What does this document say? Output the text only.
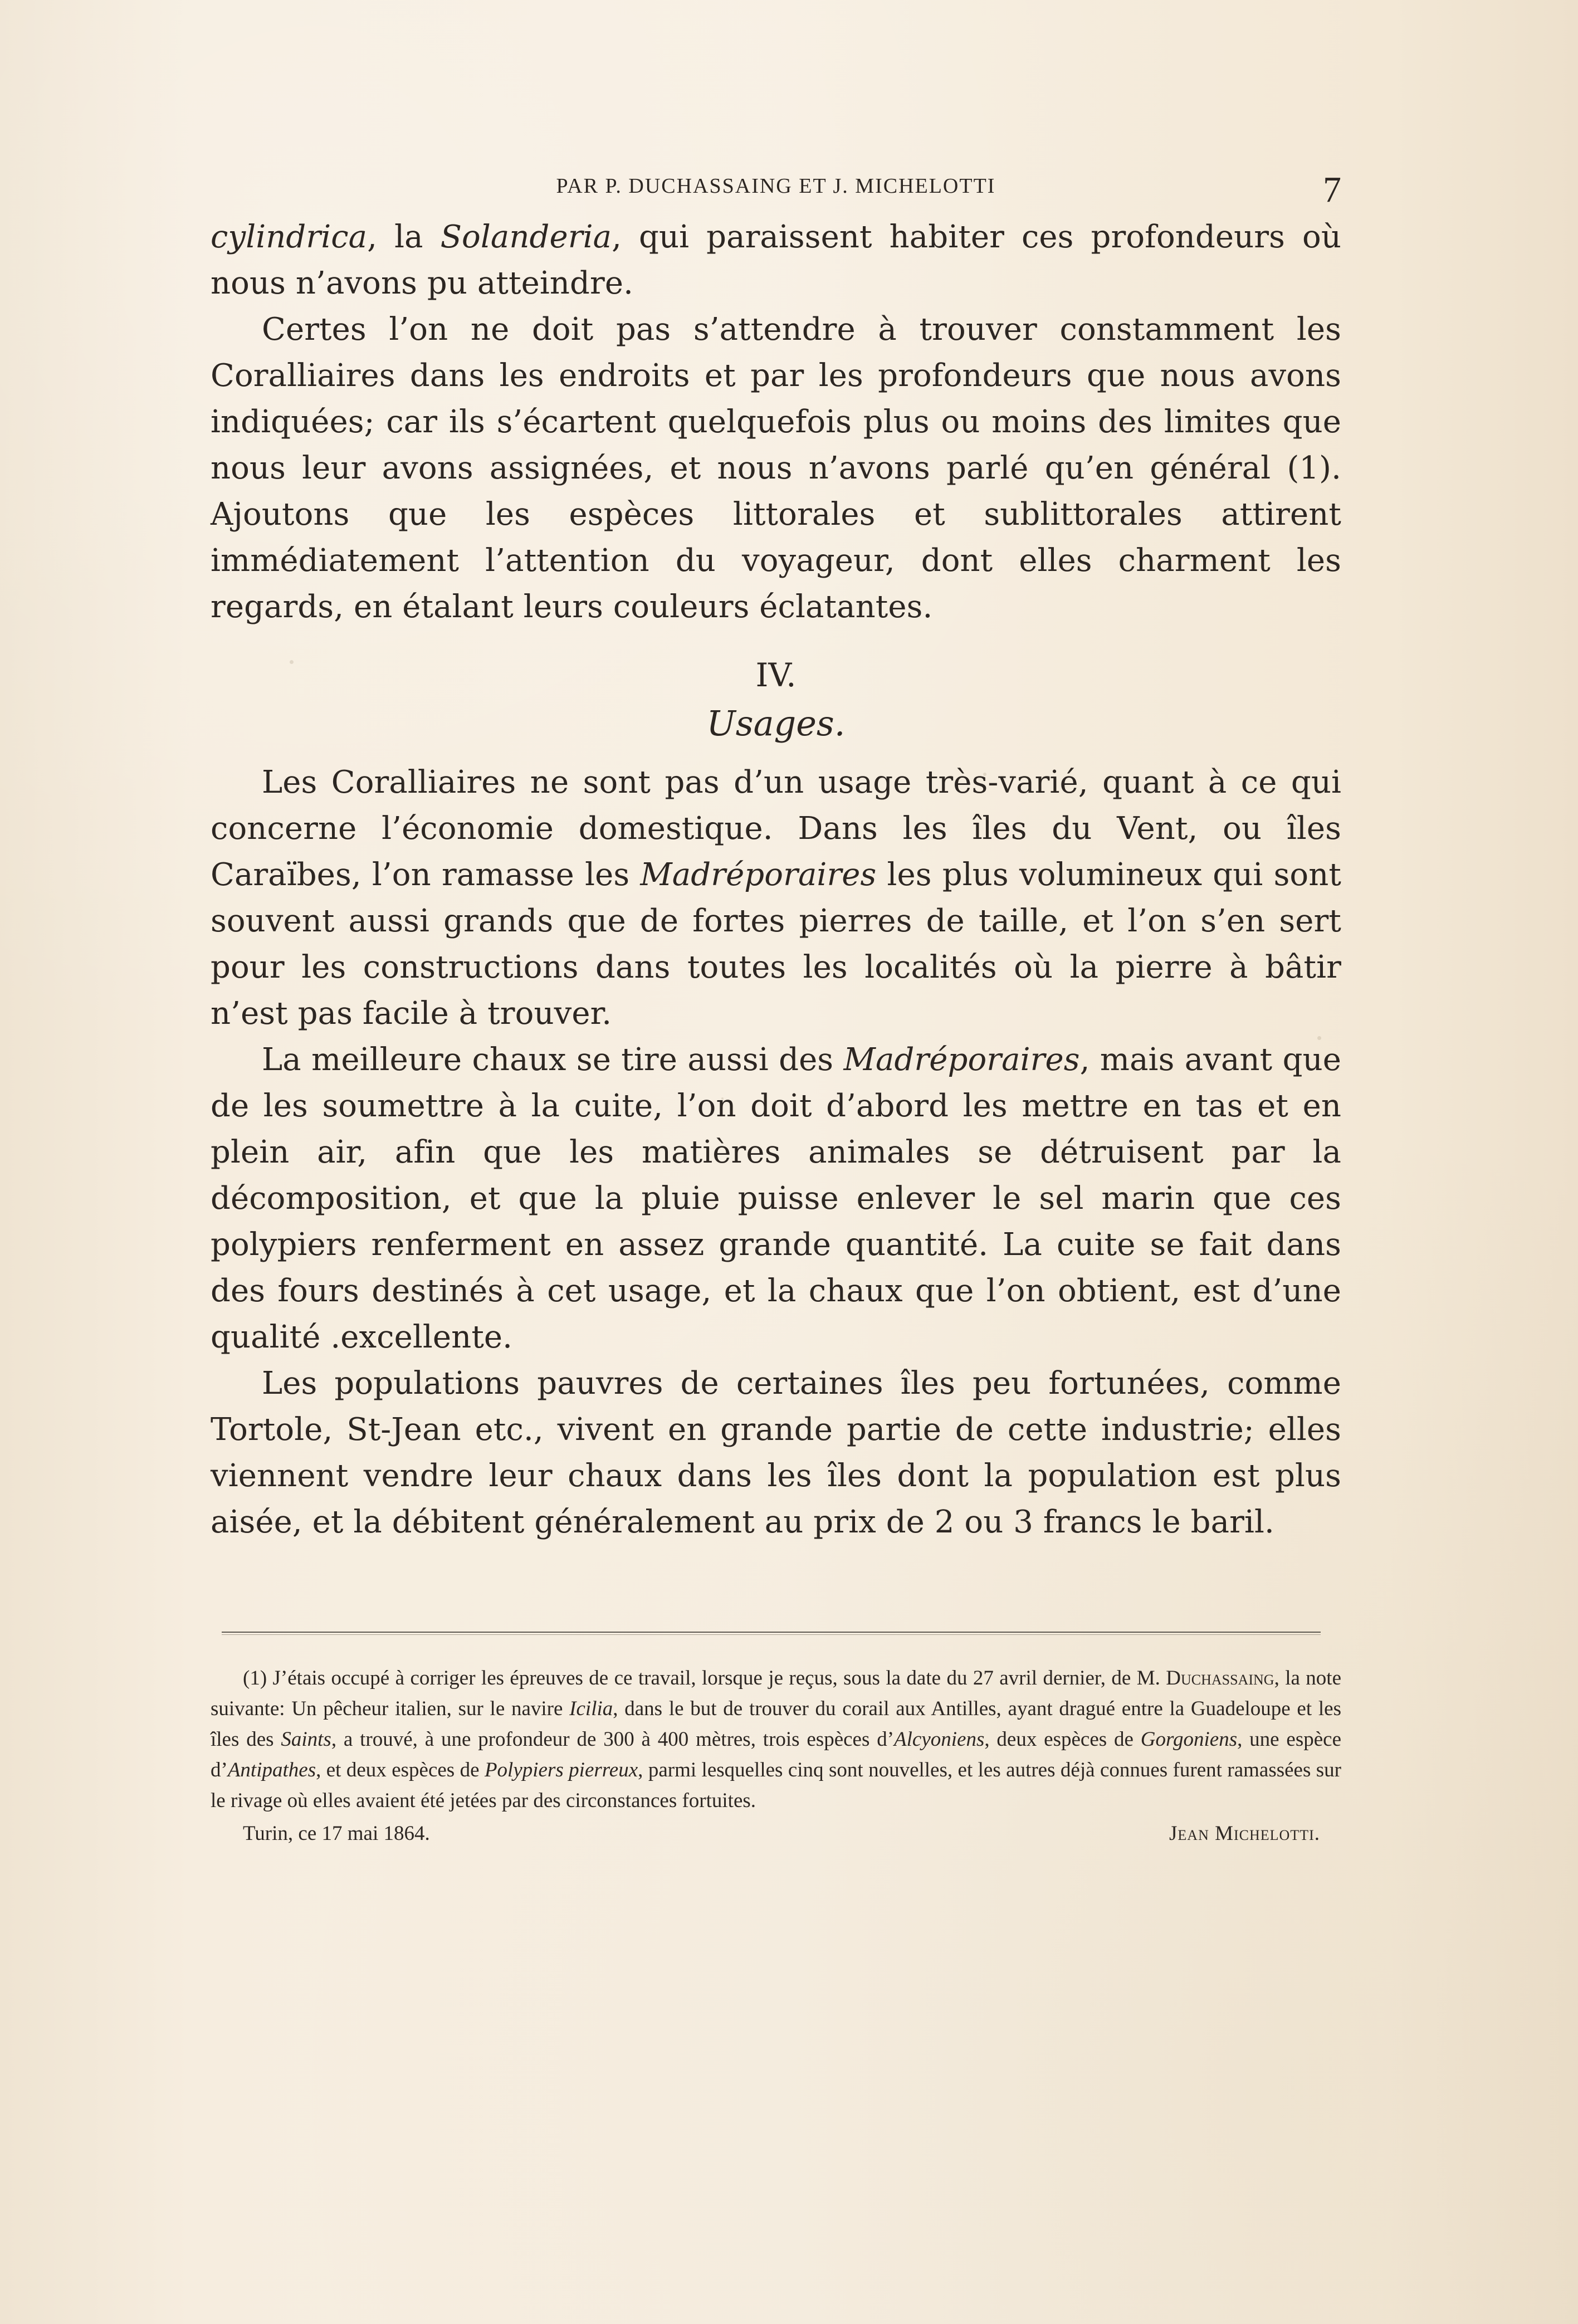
PAR P. DUCHASSAING ET J. MICHELOTTI	7

cylindrica, la Solanderia, qui paraissent habiter ces profondeurs où nous n’avons pu atteindre.

Certes l’on ne doit pas s’attendre à trouver constamment les Coralliaires dans les endroits et par les profondeurs que nous avons indiquées; car ils s’écartent quelquefois plus ou moins des limites que nous leur avons assignées, et nous n’avons parlé qu’en général (1). Ajoutons que les espèces littorales et sublittorales attirent immédiatement l’attention du voyageur, dont elles charment les regards, en étalant leurs couleurs éclatantes.

IV.
Usages.

Les Coralliaires ne sont pas d’un usage très-varié, quant à ce qui concerne l’économie domestique. Dans les îles du Vent, ou îles Caraïbes, l’on ramasse les Madréporaires les plus volumineux qui sont souvent aussi grands que de fortes pierres de taille, et l’on s’en sert pour les constructions dans toutes les localités où la pierre à bâtir n’est pas facile à trouver.

La meilleure chaux se tire aussi des Madréporaires, mais avant que de les soumettre à la cuite, l’on doit d’abord les mettre en tas et en plein air, afin que les matières animales se détruisent par la décomposition, et que la pluie puisse enlever le sel marin que ces polypiers renferment en assez grande quantité. La cuite se fait dans des fours destinés à cet usage, et la chaux que l’on obtient, est d’une qualité .excellente.

Les populations pauvres de certaines îles peu fortunées, comme Tortole, St-Jean etc., vivent en grande partie de cette industrie; elles viennent vendre leur chaux dans les îles dont la population est plus aisée, et la débitent généralement au prix de 2 ou 3 francs le baril.

(1) J’étais occupé à corriger les épreuves de ce travail, lorsque je reçus, sous la date du 27 avril dernier, de M. Duchassaing, la note suivante: Un pêcheur italien, sur le navire Icilia, dans le but de trouver du corail aux Antilles, ayant dragué entre la Guadeloupe et les îles des Saints, a trouvé, à une profondeur de 300 à 400 mètres, trois espèces d’Alcyoniens, deux espèces de Gorgoniens, une espèce d’Antipathes, et deux espèces de Polypiers pierreux, parmi lesquelles cinq sont nouvelles, et les autres déjà connues furent ramassées sur le rivage où elles avaient été jetées par des circonstances fortuites.

Turin, ce 17 mai 1864.	Jean Michelotti.
